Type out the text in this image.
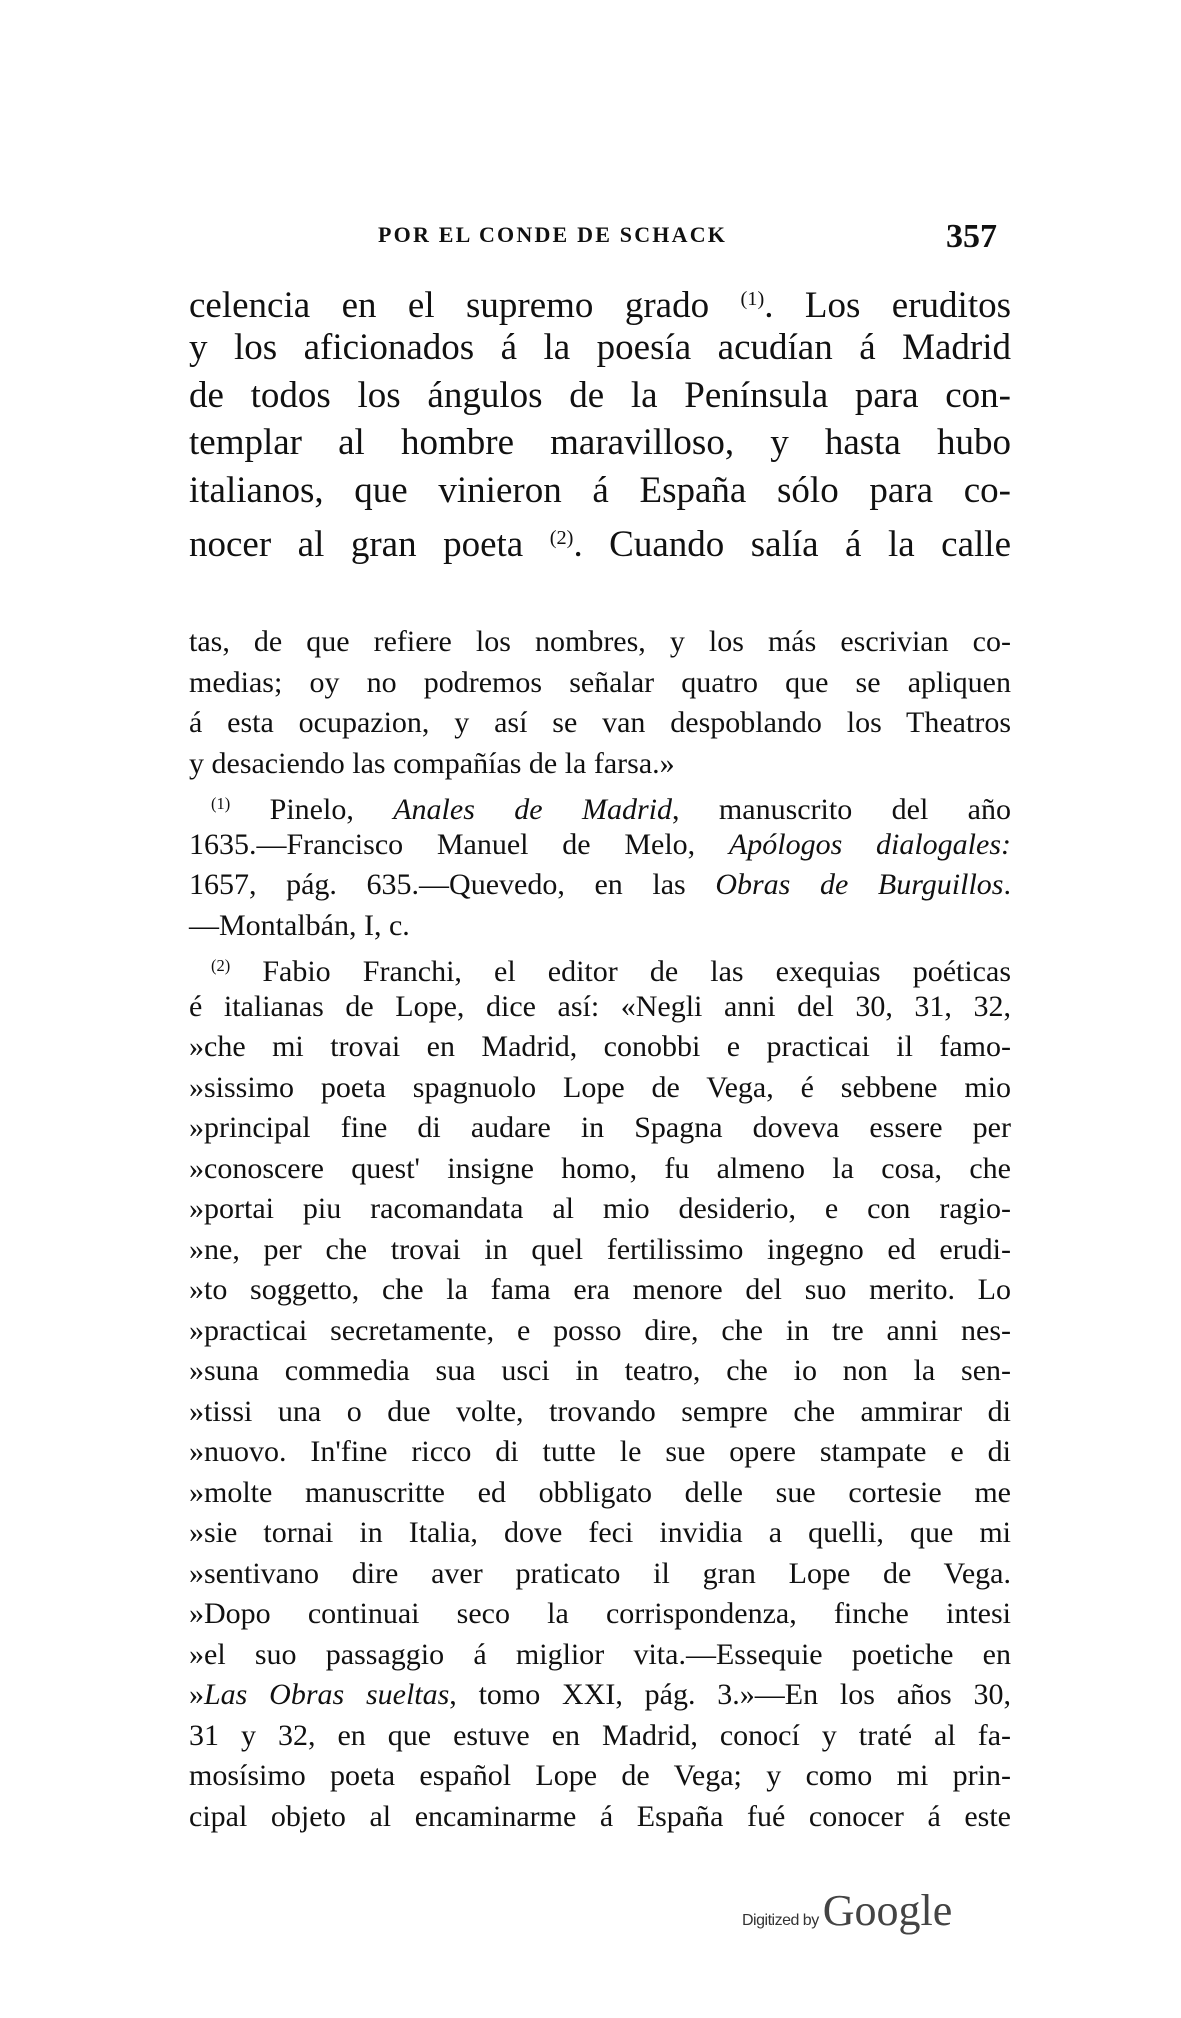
POR EL CONDE DE SCHACK	357
celencia en el supremo grado $^{(1)}$. Los eruditos
y los aficionados á la poesía acudían á Madrid
de todos los ángulos de la Península para con-
templar al hombre maravilloso, y hasta hubo
italianos, que vinieron á España sólo para co-
nocer al gran poeta $^{(2)}$. Cuando salía á la calle
tas, de que refiere los nombres, y los más escrivian co-
medias; oy no podremos señalar quatro que se apliquen
á esta ocupazion, y así se van despoblando los Theatros
y desaciendo las compañías de la farsa.»
$^{(1)}$ Pinelo, Anales de Madrid, manuscrito del año
1635.—Francisco Manuel de Melo, Apólogos dialogales:
1657, pág. 635.—Quevedo, en las Obras de Burguillos.
—Montalbán, I, c.
$^{(2)}$ Fabio Franchi, el editor de las exequias poéticas
é italianas de Lope, dice así: «Negli anni del 30, 31, 32,
»che mi trovai en Madrid, conobbi e practicai il famo-
»sissimo poeta spagnuolo Lope de Vega, é sebbene mio
»principal fine di audare in Spagna doveva essere per
»conoscere quest' insigne homo, fu almeno la cosa, che
»portai piu racomandata al mio desiderio, e con ragio-
»ne, per che trovai in quel fertilissimo ingegno ed erudi-
»to soggetto, che la fama era menore del suo merito. Lo
»practicai secretamente, e posso dire, che in tre anni nes-
»suna commedia sua usci in teatro, che io non la sen-
»tissi una o due volte, trovando sempre che ammirar di
»nuovo. In'fine ricco di tutte le sue opere stampate e di
»molte manuscritte ed obbligato delle sue cortesie me
»sie tornai in Italia, dove feci invidia a quelli, que mi
»sentivano dire aver praticato il gran Lope de Vega.
»Dopo continuai seco la corrispondenza, finche intesi
»el suo passaggio á miglior vita.—Essequie poetiche en
»Las Obras sueltas, tomo XXI, pág. 3.»—En los años 30,
31 y 32, en que estuve en Madrid, conocí y traté al fa-
mosísimo poeta español Lope de Vega; y como mi prin-
cipal objeto al encaminarme á España fué conocer á este
Digitized by Google
